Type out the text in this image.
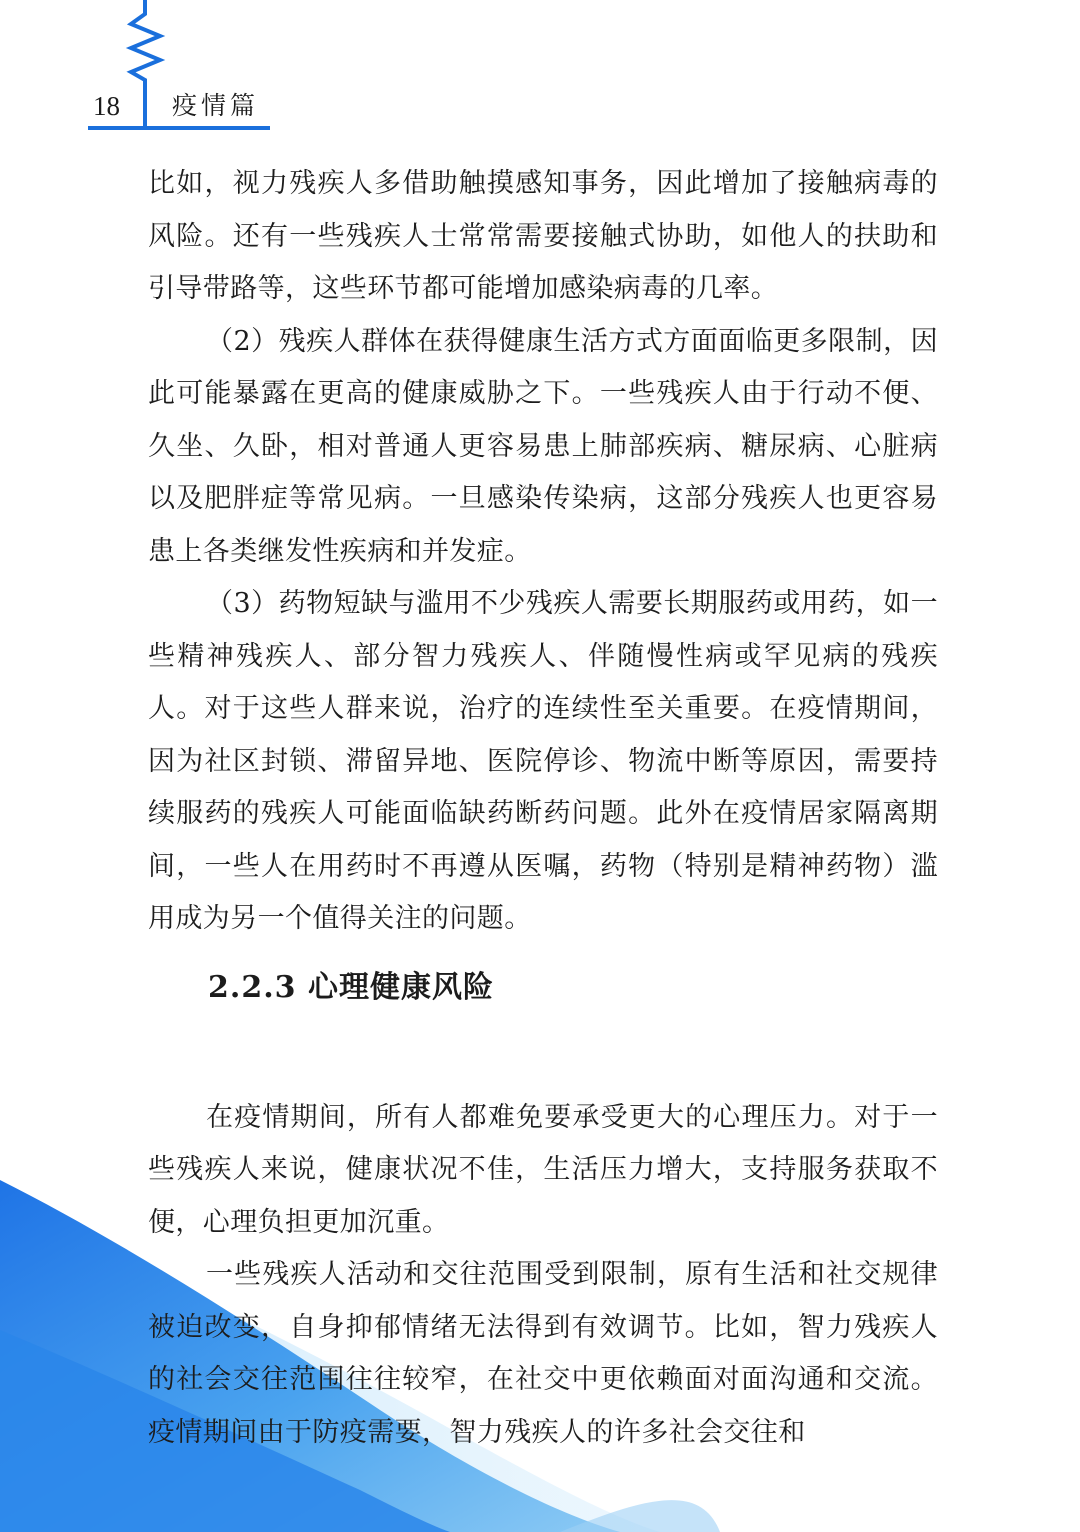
18 疫情篇

比如，视力残疾人多借助触摸感知事务，因此增加了接触病毒的风险。还有一些残疾人士常常需要接触式协助，如他人的扶助和引导带路等，这些环节都可能增加感染病毒的几率。

（2）残疾人群体在获得健康生活方式方面面临更多限制，因此可能暴露在更高的健康威胁之下。一些残疾人由于行动不便、久坐、久卧，相对普通人更容易患上肺部疾病、糖尿病、心脏病以及肥胖症等常见病。一旦感染传染病，这部分残疾人也更容易患上各类继发性疾病和并发症。

（3）药物短缺与滥用不少残疾人需要长期服药或用药，如一些精神残疾人、部分智力残疾人、伴随慢性病或罕见病的残疾人。对于这些人群来说，治疗的连续性至关重要。在疫情期间，因为社区封锁、滞留异地、医院停诊、物流中断等原因，需要持续服药的残疾人可能面临缺药断药问题。此外在疫情居家隔离期间，一些人在用药时不再遵从医嘱，药物（特别是精神药物）滥用成为另一个值得关注的问题。

2.2.3 心理健康风险

在疫情期间，所有人都难免要承受更大的心理压力。对于一些残疾人来说，健康状况不佳，生活压力增大，支持服务获取不便，心理负担更加沉重。

一些残疾人活动和交往范围受到限制，原有生活和社交规律被迫改变，自身抑郁情绪无法得到有效调节。比如，智力残疾人的社会交往范围往往较窄，在社交中更依赖面对面沟通和交流。疫情期间由于防疫需要，智力残疾人的许多社会交往和
